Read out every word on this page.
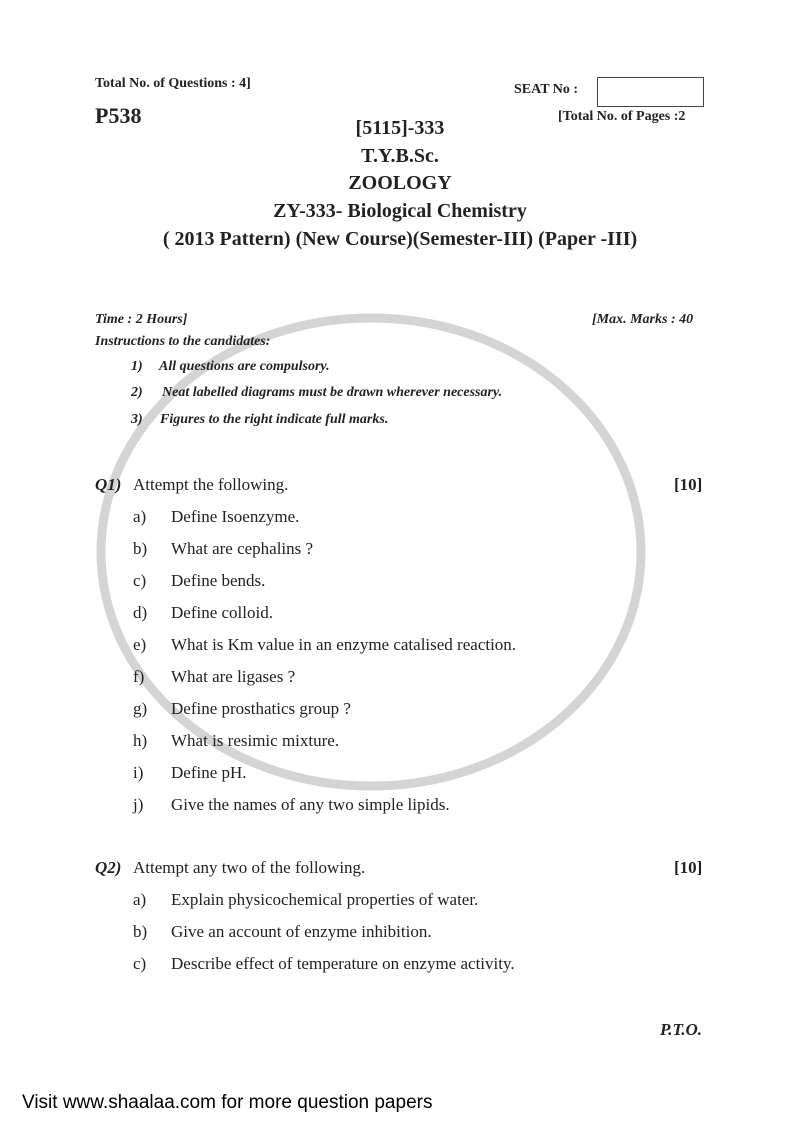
Total No. of Questions : 4]	SEAT No :
P538	[Total No. of Pages :2
[5115]-333
T.Y.B.Sc.
ZOOLOGY
ZY-333- Biological Chemistry
( 2013 Pattern) (New Course)(Semester-III) (Paper -III)
Time : 2 Hours]	[Max. Marks : 40
Instructions to the candidates:
1) All questions are compulsory.
2) Neat labelled diagrams must be drawn wherever necessary.
3) Figures to the right indicate full marks.
Q1) Attempt the following.	[10]
a) Define Isoenzyme.
b) What are cephalins ?
c) Define bends.
d) Define colloid.
e) What is Km value in an enzyme catalised reaction.
f) What are ligases ?
g) Define prosthatics group ?
h) What is resimic mixture.
i) Define pH.
j) Give the names of any two simple lipids.
Q2) Attempt any two of the following.	[10]
a) Explain physicochemical properties of water.
b) Give an account of enzyme inhibition.
c) Describe effect of temperature on enzyme activity.
P.T.O.
Visit www.shaalaa.com for more question papers
